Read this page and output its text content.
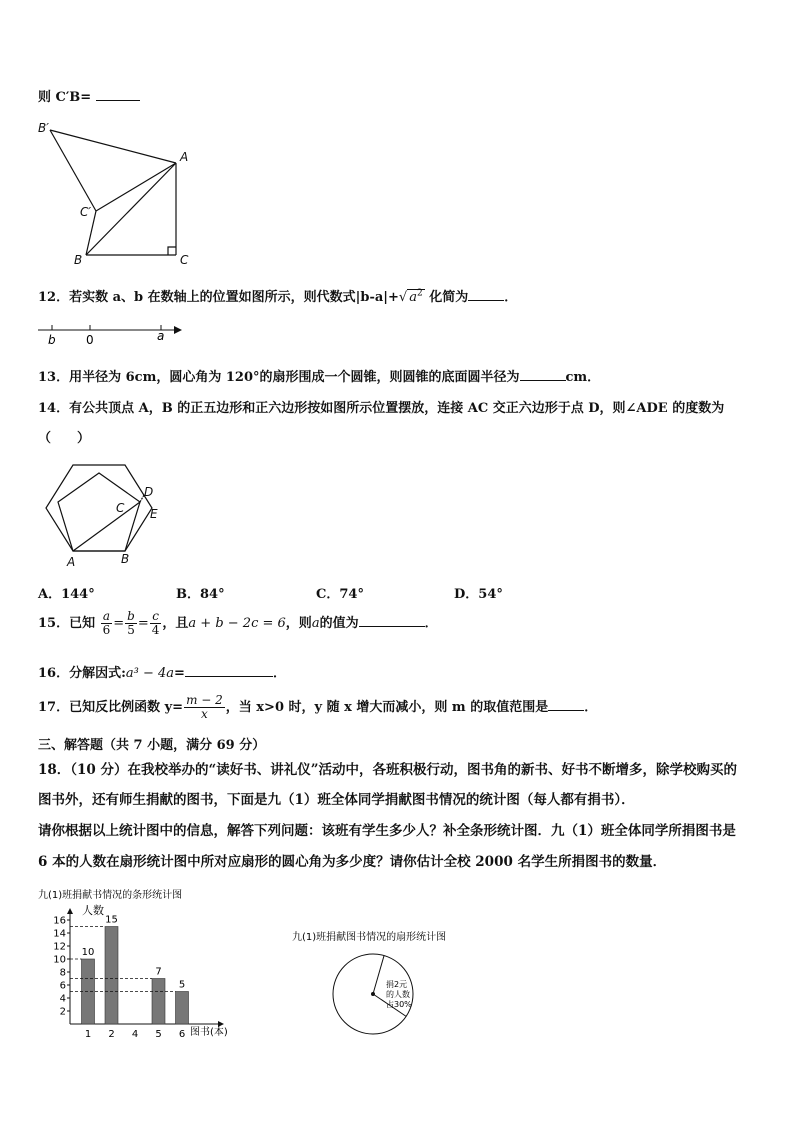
则 C′B=
B′
A
C′
B	C
12．若实数 a、b 在数轴上的位置如图所示，则代数式|b-a|+√ $a^2$ 化简为	．
b	0	a
13．用半径为 6cm，圆心角为 120°的扇形围成一个圆锥，则圆锥的底面圆半径为	cm．
14．有公共顶点 A，B 的正五边形和正六边形按如图所示位置摆放，连接 AC 交正六边形于点 D，则∠ADE 的度数为
（　　）
D
C E
A	B
A．144°	B．84°	C．74°	D．54°
15．已知 $\frac{a}{6} = \frac{b}{5} = \frac{c}{4}$ ，且a + b − 2c = 6，则a的值为	．
16．分解因式:a³ − 4a=	．
17．已知反比例函数 $y= \frac{m - 2}{x}$ ，当 x>0 时，y 随 x 增大而减小，则 m 的取值范围是	．
三、解答题（共 7 小题，满分 69 分）
18．（10 分）在我校举办的“读好书、讲礼仪”活动中，各班积极行动，图书角的新书、好书不断增多，除学校购买的
图书外，还有师生捐献的图书，下面是九（1）班全体同学捐献图书情况的统计图（每人都有捐书）．
请你根据以上统计图中的信息，解答下列问题：该班有学生多少人？补全条形统计图．九（1）班全体同学所捐图书是
6 本的人数在扇形统计图中所对应扇形的圆心角为多少度？请你估计全校 2000 名学生所捐图书的数量．
九(1)班捐献书情况的条形统计图
人数
图书(本)
2
4
6
8
10
12
14
16
10
1
15
2 4
7
5
5
6
九(1)班捐献图书情况的扇形统计图
捐2元
的人数
占30%
